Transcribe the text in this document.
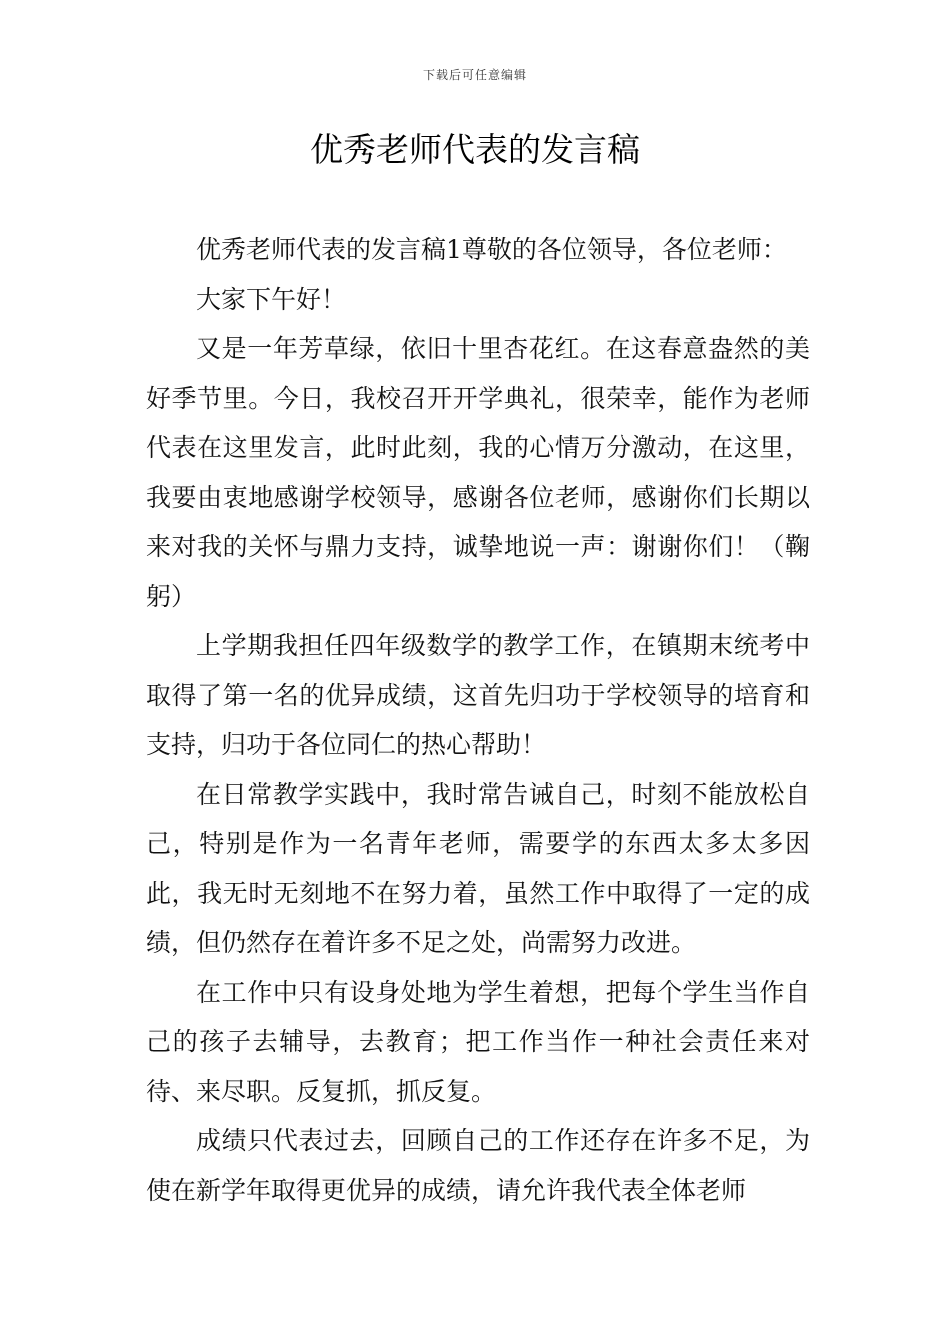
下载后可任意编辑
优秀老师代表的发言稿

优秀老师代表的发言稿1尊敬的各位领导，各位老师：

大家下午好！

又是一年芳草绿，依旧十里杏花红。在这春意盎然的美好季节里。今日，我校召开开学典礼，很荣幸，能作为老师代表在这里发言，此时此刻，我的心情万分激动，在这里，我要由衷地感谢学校领导，感谢各位老师，感谢你们长期以来对我的关怀与鼎力支持，诚挚地说一声：谢谢你们！（鞠躬）

上学期我担任四年级数学的教学工作，在镇期末统考中取得了第一名的优异成绩，这首先归功于学校领导的培育和支持，归功于各位同仁的热心帮助！

在日常教学实践中，我时常告诫自己，时刻不能放松自己，特别是作为一名青年老师，需要学的东西太多太多因此，我无时无刻地不在努力着，虽然工作中取得了一定的成绩，但仍然存在着许多不足之处，尚需努力改进。

在工作中只有设身处地为学生着想，把每个学生当作自己的孩子去辅导，去教育；把工作当作一种社会责任来对待、来尽职。反复抓，抓反复。

成绩只代表过去，回顾自己的工作还存在许多不足，为使在新学年取得更优异的成绩，请允许我代表全体老师
